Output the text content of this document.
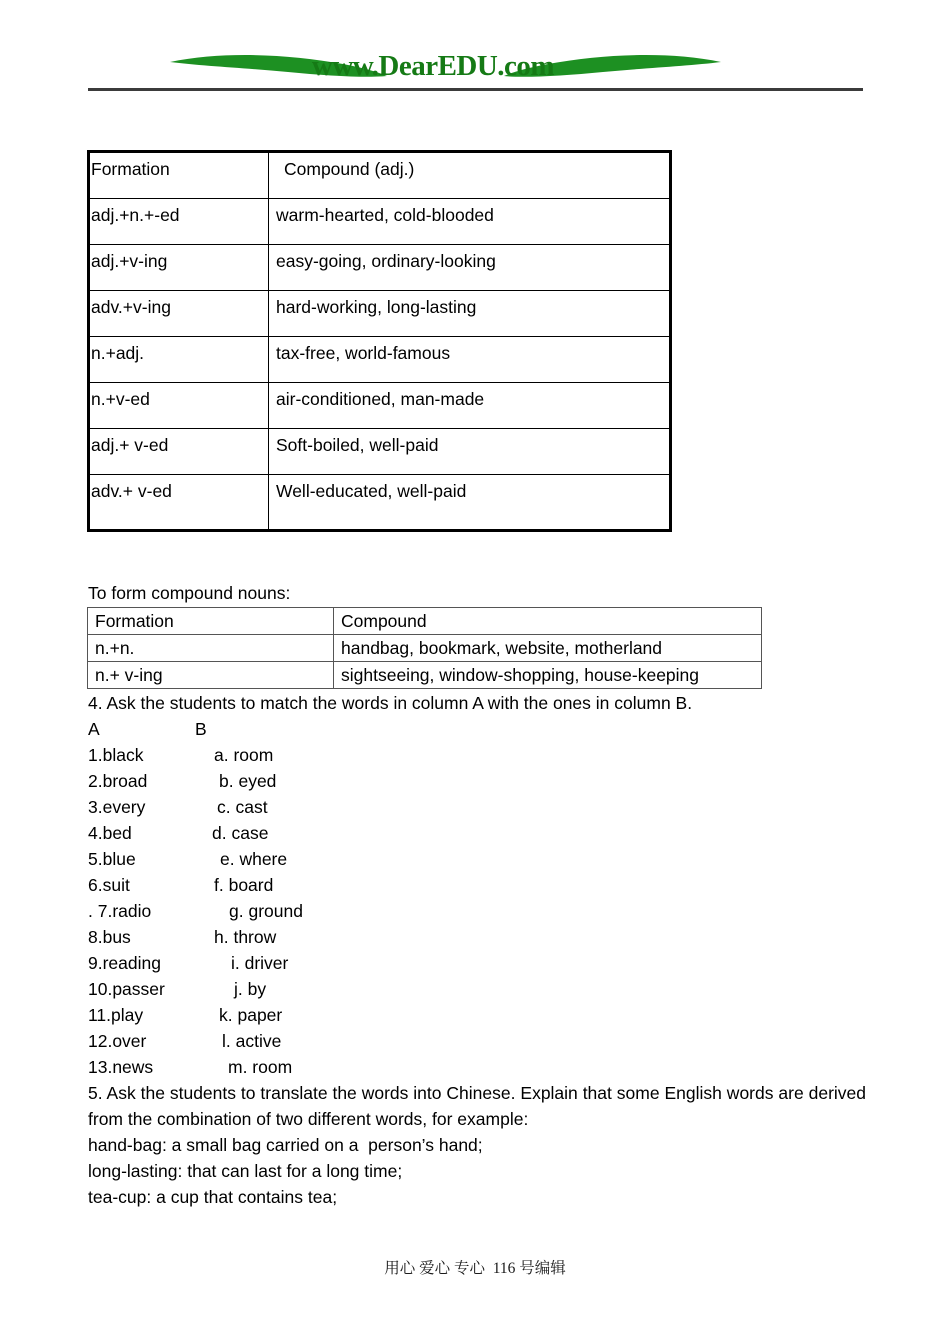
www.DearEDU.com
Formation	Compound (adj.)
adj.+n.+-ed	warm-hearted, cold-blooded
adj.+v-ing	easy-going, ordinary-looking
adv.+v-ing	hard-working, long-lasting
n.+adj.	tax-free, world-famous
n.+v-ed	air-conditioned, man-made
adj.+ v-ed	Soft-boiled, well-paid
adv.+ v-ed	Well-educated, well-paid
To form compound nouns:
Formation	Compound
n.+n.	handbag, bookmark, website, motherland
n.+ v-ing	sightseeing, window-shopping, house-keeping
4. Ask the students to match the words in column A with the ones in column B.
A	B
1.black	a. room
2.broad	b. eyed
3.every	c. cast
4.bed	d. case
5.blue	e. where
6.suit	f. board
. 7.radio	g. ground
8.bus	h. throw
9.reading	i. driver
10.passer	j. by
11.play	k. paper
12.over	l. active
13.news	m. room

5. Ask the students to translate the words into Chinese. Explain that some English words are derived from the combination of two different words, for example:

hand-bag: a small bag carried on a  person’s hand;

long-lasting: that can last for a long time;

tea-cup: a cup that contains tea;

用心 爱心 专心  116 号编辑
